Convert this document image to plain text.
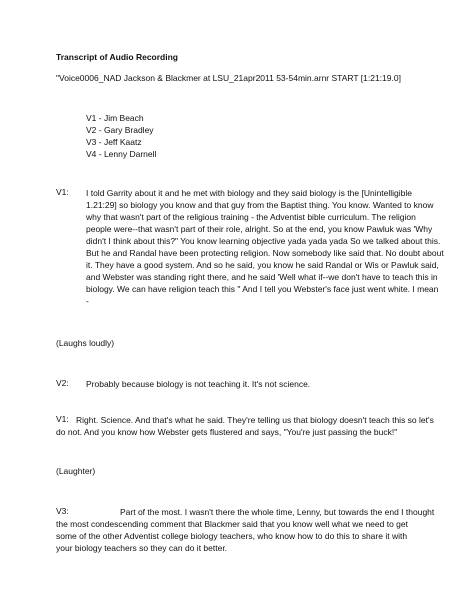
Transcript of Audio Recording
"Voice0006_NAD Jackson & Blackmer at LSU_21apr2011 53-54min.arnr START [1:21:19.0]
V1 - Jim Beach
V2 - Gary Bradley
V3 - Jeff Kaatz
V4 - Lenny Darnell
V1: I told Garrity about it and he met with biology and they said biology is the [Unintelligible
1.21:29] so biology you know and that guy from the Baptist thing. You know. Wanted to know
why that wasn't part of the religious training - the Adventist bible curriculum. The religion
people were--that wasn't part of their role, alright. So at the end, you know Pawluk was 'Why
didn't I think about this?" You know learning objective yada yada yada So we talked about this.
But he and Randal have been protecting religion. Now somebody like said that. No doubt about
it. They have a good system. And so he said, you know he said Randal or Wis or Pawluk said,
and Webster was standing right there, and he said 'Well what if--we don't have to teach this in
biology. We can have religion teach this " And I tell you Webster's face just went white. I mean
-
(Laughs loudly)
V2: Probably because biology is not teaching it. It's not science.
V1: Right. Science. And that's what he said. They're telling us that biology doesn't teach this so let's
do not. And you know how Webster gets flustered and says, "You're just passing the buck!"
(Laughter)
V3:	Part of the most. I wasn't there the whole time, Lenny, but towards the end I thought
the most condescending comment that Blackmer said that you know well what we need to get
some of the other Adventist college biology teachers, who know how to do this to share it with
your biology teachers so they can do it better.
